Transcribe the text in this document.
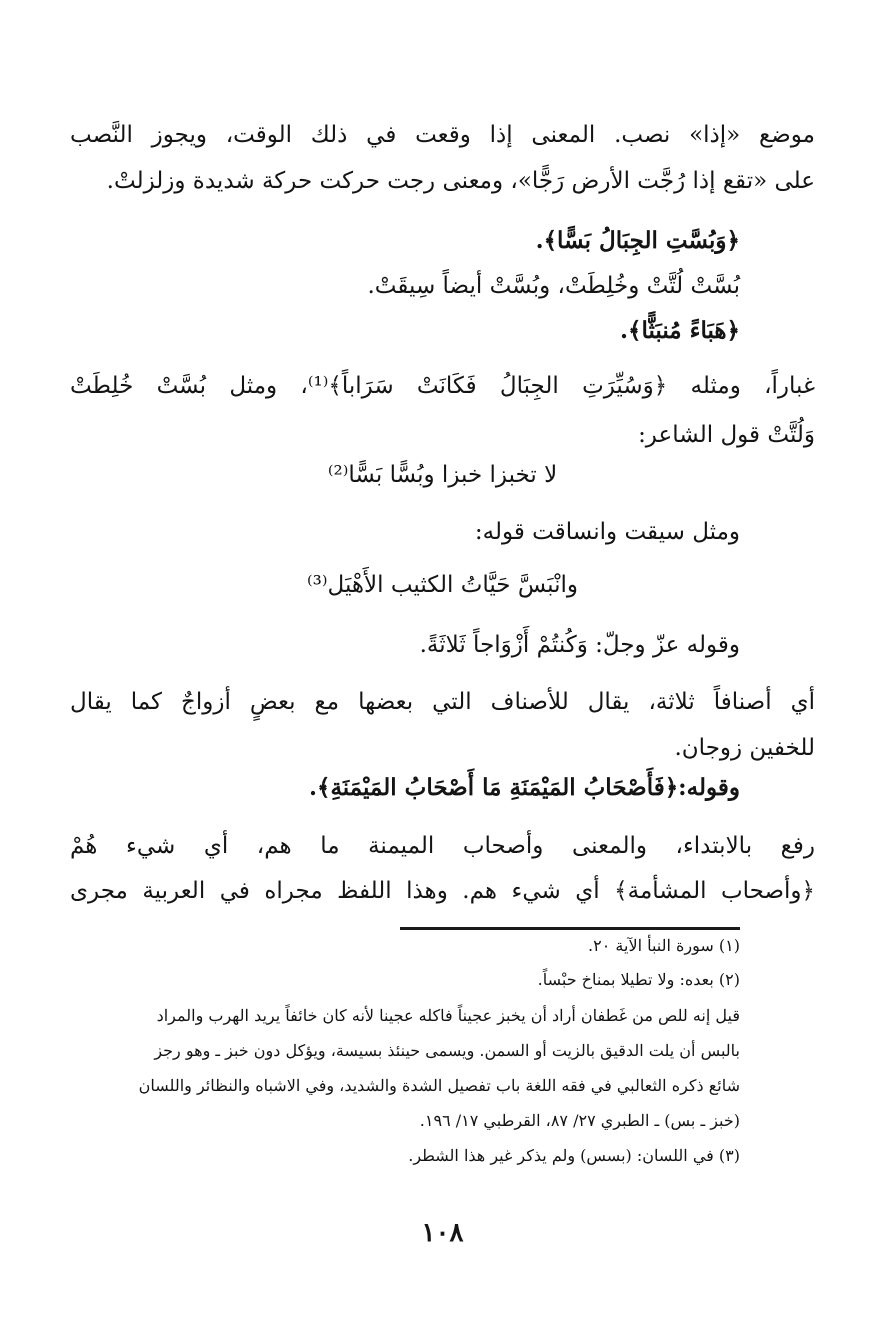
موضع «إذا» نصب. المعنى إذا وقعت في ذلك الوقت، ويجوز النَّصب
على «تقع إذا رُجَّت الأرض رَجًّا»، ومعنى رجت حركت حركة شديدة وزلزلتْ.
﴿وَبُسَّتِ الجِبَالُ بَسًّا﴾.
بُسَّتْ لُتَّتْ وخُلِطَتْ، وبُسَّتْ أيضاً سِيقَتْ.
﴿هَبَاءً مُنبَثًّا﴾.
غباراً، ومثله ﴿وَسُيِّرَتِ الجِبَالُ فَكَانَتْ سَرَاباً﴾⁽¹⁾، ومثل بُسَّتْ خُلِطَتْ
وَلُتَّتْ قول الشاعر:
لا تخبزا خبزا وبُسًّا بَسًّا⁽²⁾
ومثل سيقت وانساقت قوله:
وانْبَسَّ حَيَّاتُ الكثيب الأَهْيَل⁽³⁾
وقوله عزّ وجلّ: وَكُنتُمْ أَزْوَاجاً ثَلاثَةً.
أي أصنافاً ثلاثة، يقال للأصناف التي بعضها مع بعضٍ أزواجٌ كما يقال
للخفين زوجان.
وقوله:﴿فَأَصْحَابُ المَيْمَنَةِ مَا أَصْحَابُ المَيْمَنَةِ﴾.
رفع بالابتداء، والمعنى وأصحاب الميمنة ما هم، أي شيء هُمْ
﴿وأصحاب المشأمة﴾ أي شيء هم. وهذا اللفظ مجراه في العربية مجرى
(١) سورة النبأ الآية ٢٠.
(٢) بعده: ولا تطيلا بمناخ حبْساً.
قيل إنه للص من غَطفان أراد أن يخبز عجيناً فاكله عجينا لأنه كان خائفاً يريد الهرب والمراد
بالبس أن يلت الدقيق بالزيت أو السمن. ويسمى حينئذ بسيسة، ويؤكل دون خبز ـ وهو رجز
شائع ذكره الثعالبي في فقه اللغة باب تفصيل الشدة والشديد، وفي الاشباه والنظائر واللسان
(خبز ـ بس) ـ الطبري ٢٧/ ٨٧، القرطبي ١٧/ ١٩٦.
(٣) في اللسان: (بسس) ولم يذكر غير هذا الشطر.
١٠٨
